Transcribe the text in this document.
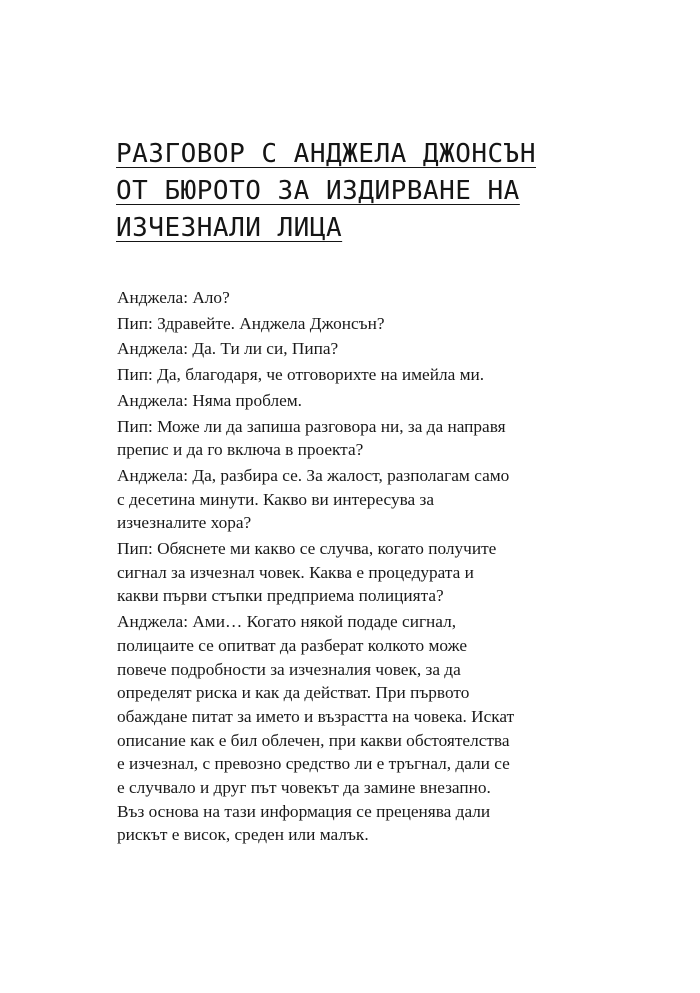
РАЗГОВОР С АНДЖЕЛА ДЖОНСЪН
ОТ БЮРОТО ЗА ИЗДИРВАНЕ НА
ИЗЧЕЗНАЛИ ЛИЦА

Анджела: Ало?

Пип: Здравейте. Анджела Джонсън?

Анджела: Да. Ти ли си, Пипа?

Пип: Да, благодаря, че отговорихте на имейла ми.

Анджела: Няма проблем.

Пип: Може ли да запиша разговора ни, за да направя
препис и да го включа в проекта?

Анджела: Да, разбира се. За жалост, разполагам само
с десетина минути. Какво ви интересува за
изчезналите хора?

Пип: Обяснете ми какво се случва, когато получите
сигнал за изчезнал човек. Каква е процедурата и
какви първи стъпки предприема полицията?

Анджела: Ами… Когато някой подаде сигнал,
полицаите се опитват да разберат колкото може
повече подробности за изчезналия човек, за да
определят риска и как да действат. При първото
обаждане питат за името и възрастта на човека. Искат
описание как е бил облечен, при какви обстоятелства
е изчезнал, с превозно средство ли е тръгнал, дали се
е случвало и друг път човекът да замине внезапно.
Въз основа на тази информация се преценява дали
рискът е висок, среден или малък.
